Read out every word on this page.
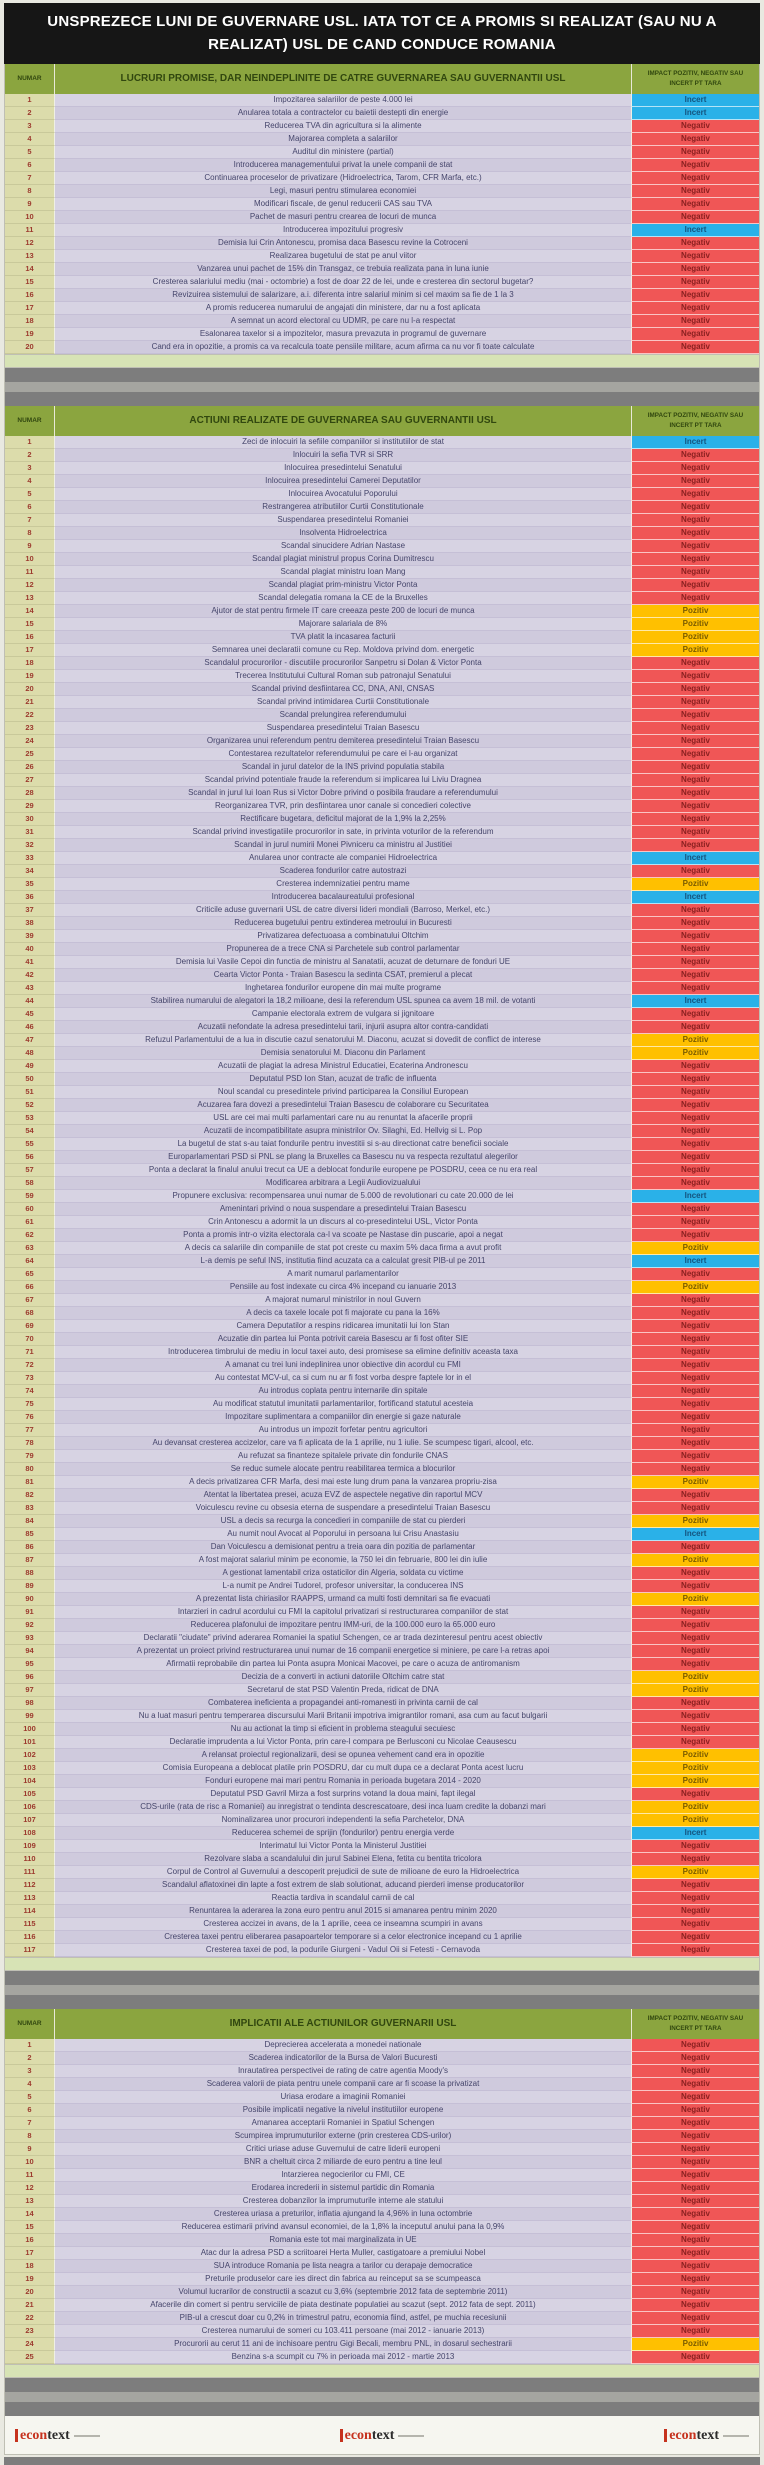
UNSPREZECE LUNI DE GUVERNARE USL. IATA TOT CE A PROMIS SI REALIZAT (SAU NU A REALIZAT) USL DE CAND CONDUCE ROMANIA
NUMAR	LUCRURI PROMISE, DAR NEINDEPLINITE DE CATRE GUVERNAREA SAU GUVERNANTII USL	IMPACT POZITIV, NEGATIV SAU INCERT PT TARA
1	Impozitarea salariilor de peste 4.000 lei	Incert
2	Anularea totala a contractelor cu baietii destepti din energie	Incert
3	Reducerea TVA din agricultura si la alimente	Negativ
4	Majorarea completa a salariilor	Negativ
5	Auditul din ministere (partial)	Negativ
6	Introducerea managementului privat la unele companii de stat	Negativ
7	Continuarea proceselor de privatizare (Hidroelectrica, Tarom, CFR Marfa, etc.)	Negativ
8	Legi, masuri pentru stimularea economiei	Negativ
9	Modificari fiscale, de genul reducerii CAS sau TVA	Negativ
10	Pachet de masuri pentru crearea de locuri de munca	Negativ
11	Introducerea impozitului progresiv	Incert
12	Demisia lui Crin Antonescu, promisa daca Basescu revine la Cotroceni	Negativ
13	Realizarea bugetului de stat pe anul viitor	Negativ
14	Vanzarea unui pachet de 15% din Transgaz, ce trebuia realizata pana in luna iunie	Negativ
15	Cresterea salariului mediu (mai - octombrie) a fost de doar 22 de lei, unde e cresterea din sectorul bugetar?	Negativ
16	Revizuirea sistemului de salarizare, a.i. diferenta intre salariul minim si cel maxim sa fie de 1 la 3	Negativ
17	A promis reducerea numarului de angajati din ministere, dar nu a fost aplicata	Negativ
18	A semnat un acord electoral cu UDMR, pe care nu l-a respectat	Negativ
19	Esalonarea taxelor si a impozitelor, masura prevazuta in programul de guvernare	Negativ
20	Cand era in opozitie, a promis ca va recalcula toate pensiile militare, acum afirma ca nu vor fi toate calculate	Negativ
NUMAR	ACTIUNI REALIZATE DE GUVERNAREA SAU GUVERNANTII USL	IMPACT POZITIV, NEGATIV SAU INCERT PT TARA
1	Zeci de inlocuiri la sefiile companiilor si institutiilor de stat	Incert
2	Inlocuiri la sefia TVR si SRR	Negativ
3	Inlocuirea presedintelui Senatului	Negativ
4	Inlocuirea presedintelui Camerei Deputatilor	Negativ
5	Inlocuirea Avocatului Poporului	Negativ
6	Restrangerea atributiilor Curtii Constitutionale	Negativ
7	Suspendarea presedintelui Romaniei	Negativ
8	Insolventa Hidroelectrica	Negativ
9	Scandal sinucidere Adrian Nastase	Negativ
10	Scandal plagiat ministrul propus Corina Dumitrescu	Negativ
11	Scandal plagiat ministru Ioan Mang	Negativ
12	Scandal plagiat prim-ministru Victor Ponta	Negativ
13	Scandal delegatia romana la CE de la Bruxelles	Negativ
14	Ajutor de stat pentru firmele IT care creeaza peste 200 de locuri de munca	Pozitiv
15	Majorare salariala de 8%	Pozitiv
16	TVA platit la incasarea facturii	Pozitiv
17	Semnarea unei declaratii comune cu Rep. Moldova privind dom. energetic	Pozitiv
18	Scandalul procurorilor - discutiile procurorilor Sanpetru si Dolan & Victor Ponta	Negativ
19	Trecerea Institutului Cultural Roman sub patronajul Senatului	Negativ
20	Scandal privind desfiintarea CC, DNA, ANI, CNSAS	Negativ
21	Scandal privind intimidarea Curtii Constitutionale	Negativ
22	Scandal prelungirea referendumului	Negativ
23	Suspendarea presedintelui Traian Basescu	Negativ
24	Organizarea unui referendum pentru demiterea presedintelui Traian Basescu	Negativ
25	Contestarea rezultatelor referendumului pe care ei l-au organizat	Negativ
26	Scandal in jurul datelor de la INS privind populatia stabila	Negativ
27	Scandal privind potentiale fraude la referendum si implicarea lui Liviu Dragnea	Negativ
28	Scandal in jurul lui Ioan Rus si Victor Dobre privind o posibila fraudare a referendumului	Negativ
29	Reorganizarea TVR, prin desfiintarea unor canale si concedieri colective	Negativ
30	Rectificare bugetara, deficitul majorat de la 1,9% la 2,25%	Negativ
31	Scandal privind investigatiile procurorilor in sate, in privinta voturilor de la referendum	Negativ
32	Scandal in jurul numirii Monei Pivniceru ca ministru al Justitiei	Negativ
33	Anularea unor contracte ale companiei Hidroelectrica	Incert
34	Scaderea fondurilor catre autostrazi	Negativ
35	Cresterea indemnizatiei pentru mame	Pozitiv
36	Introducerea bacalaureatului profesional	Incert
37	Criticile aduse guvernarii USL de catre diversi lideri mondiali (Barroso, Merkel, etc.)	Negativ
38	Reducerea bugetului pentru extinderea metroului in Bucuresti	Negativ
39	Privatizarea defectuoasa a combinatului Oltchim	Negativ
40	Propunerea de a trece CNA si Parchetele sub control parlamentar	Negativ
41	Demisia lui Vasile Cepoi din functia de ministru al Sanatatii, acuzat de deturnare de fonduri UE	Negativ
42	Cearta Victor Ponta - Traian Basescu la sedinta CSAT, premierul a plecat	Negativ
43	Inghetarea fondurilor europene din mai multe programe	Negativ
44	Stabilirea numarului de alegatori la 18,2 milioane, desi la referendum USL spunea ca avem 18 mil. de votanti	Incert
45	Campanie electorala extrem de vulgara si jignitoare	Negativ
46	Acuzatii nefondate la adresa presedintelui tarii, injurii asupra altor contra-candidati	Negativ
47	Refuzul Parlamentului de a lua in discutie cazul senatorului M. Diaconu, acuzat si dovedit de conflict de interese	Pozitiv
48	Demisia senatorului M. Diaconu din Parlament	Pozitiv
49	Acuzatii de plagiat la adresa Ministrul Educatiei, Ecaterina Andronescu	Negativ
50	Deputatul PSD Ion Stan, acuzat de trafic de influenta	Negativ
51	Noul scandal cu presedintele privind participarea la Consiliul European	Negativ
52	Acuzarea fara dovezi a presedintelui Traian Basescu de colaborare cu Securitatea	Negativ
53	USL are cei mai multi parlamentari care nu au renuntat la afacerile proprii	Negativ
54	Acuzatii de incompatibilitate asupra ministrilor Ov. Silaghi, Ed. Hellvig si L. Pop	Negativ
55	La bugetul de stat s-au taiat fondurile pentru investitii si s-au directionat catre beneficii sociale	Negativ
56	Europarlamentari PSD si PNL se plang la Bruxelles ca Basescu nu va respecta rezultatul alegerilor	Negativ
57	Ponta a declarat la finalul anului trecut ca UE a deblocat fondurile europene pe POSDRU, ceea ce nu era real	Negativ
58	Modificarea arbitrara a Legii Audiovizualului	Negativ
59	Propunere exclusiva: recompensarea unui numar de 5.000 de revolutionari cu cate 20.000 de lei	Incert
60	Amenintari privind o noua suspendare a presedintelui Traian Basescu	Negativ
61	Crin Antonescu a adormit la un discurs al co-presedintelui USL, Victor Ponta	Negativ
62	Ponta a promis intr-o vizita electorala ca-l va scoate pe Nastase din puscarie, apoi a negat	Negativ
63	A decis ca salariile din companiile de stat pot creste cu maxim 5% daca firma a avut profit	Pozitiv
64	L-a demis pe seful INS, institutia fiind acuzata ca a calculat gresit PIB-ul pe 2011	Incert
65	A marit numarul parlamentarilor	Negativ
66	Pensiile au fost indexate cu circa 4% incepand cu ianuarie 2013	Pozitiv
67	A majorat numarul ministrilor in noul Guvern	Negativ
68	A decis ca taxele locale pot fi majorate cu pana la 16%	Negativ
69	Camera Deputatilor a respins ridicarea imunitatii lui Ion Stan	Negativ
70	Acuzatie din partea lui Ponta potrivit careia Basescu ar fi fost ofiter SIE	Negativ
71	Introducerea timbrului de mediu in locul taxei auto, desi promisese sa elimine definitiv aceasta taxa	Negativ
72	A amanat cu trei luni indeplinirea unor obiective din acordul cu FMI	Negativ
73	Au contestat MCV-ul, ca si cum nu ar fi fost vorba despre faptele lor in el	Negativ
74	Au introdus coplata pentru internarile din spitale	Negativ
75	Au modificat statutul imunitatii parlamentarilor, fortificand statutul acesteia	Negativ
76	Impozitare suplimentara a companiilor din energie si gaze naturale	Negativ
77	Au introdus un impozit forfetar pentru agricultori	Negativ
78	Au devansat cresterea accizelor, care va fi aplicata de la 1 aprilie, nu 1 iulie. Se scumpesc tigari, alcool, etc.	Negativ
79	Au refuzat sa finanteze spitalele private din fondurile CNAS	Negativ
80	Se reduc sumele alocate pentru reabilitarea termica a blocurilor	Negativ
81	A decis privatizarea CFR Marfa, desi mai este lung drum pana la vanzarea propriu-zisa	Pozitiv
82	Atentat la libertatea presei, acuza EVZ de aspectele negative din raportul MCV	Negativ
83	Voiculescu revine cu obsesia eterna de suspendare a presedintelui Traian Basescu	Negativ
84	USL a decis sa recurga la concedieri in companiile de stat cu pierderi	Pozitiv
85	Au numit noul Avocat al Poporului in persoana lui Crisu Anastasiu	Incert
86	Dan Voiculescu a demisionat pentru a treia oara din pozitia de parlamentar	Negativ
87	A fost majorat salariul minim pe economie, la 750 lei din februarie, 800 lei din iulie	Pozitiv
88	A gestionat lamentabil criza ostaticilor din Algeria, soldata cu victime	Negativ
89	L-a numit pe Andrei Tudorel, profesor universitar, la conducerea INS	Negativ
90	A prezentat lista chiriasilor RAAPPS, urmand ca multi fosti demnitari sa fie evacuati	Pozitiv
91	Intarzieri in cadrul acordului cu FMI la capitolul privatizari si restructurarea companiilor de stat	Negativ
92	Reducerea plafonului de impozitare pentru IMM-uri, de la 100.000 euro la 65.000 euro	Negativ
93	Declaratii "ciudate" privind aderarea Romaniei la spatiul Schengen, ce ar trada dezinteresul pentru acest obiectiv	Negativ
94	A prezentat un proiect privind restructurarea unui numar de 16 companii energetice si miniere, pe care l-a retras apoi	Negativ
95	Afirmatii reprobabile din partea lui Ponta asupra Monicai Macovei, pe care o acuza de antiromanism	Negativ
96	Decizia de a converti in actiuni datoriile Oltchim catre stat	Pozitiv
97	Secretarul de stat PSD Valentin Preda, ridicat de DNA	Pozitiv
98	Combaterea ineficienta a propagandei anti-romanesti in privinta carnii de cal	Negativ
99	Nu a luat masuri pentru temperarea discursului Marii Britanii impotriva imigrantilor romani, asa cum au facut bulgarii	Negativ
100	Nu au actionat la timp si eficient in problema steagului secuiesc	Negativ
101	Declaratie imprudenta a lui Victor Ponta, prin care-l compara pe Berlusconi cu Nicolae Ceausescu	Negativ
102	A relansat proiectul regionalizarii, desi se opunea vehement cand era in opozitie	Pozitiv
103	Comisia Europeana a deblocat platile prin POSDRU, dar cu mult dupa ce a declarat Ponta acest lucru	Pozitiv
104	Fonduri europene mai mari pentru Romania in perioada bugetara 2014 - 2020	Pozitiv
105	Deputatul PSD Gavril Mirza a fost surprins votand la doua maini, fapt ilegal	Negativ
106	CDS-urile (rata de risc a Romaniei) au inregistrat o tendinta descrescatoare, desi inca luam credite la dobanzi mari	Pozitiv
107	Nominalizarea unor procurori independenti la sefia Parchetelor, DNA	Pozitiv
108	Reducerea schemei de sprijin (fondurilor) pentru energia verde	Incert
109	Interimatul lui Victor Ponta la Ministerul Justitiei	Negativ
110	Rezolvare slaba a scandalului din jurul Sabinei Elena, fetita cu bentita tricolora	Negativ
111	Corpul de Control al Guvernului a descoperit prejudicii de sute de milioane de euro la Hidroelectrica	Pozitiv
112	Scandalul aflatoxinei din lapte a fost extrem de slab solutionat, aducand pierderi imense producatorilor	Negativ
113	Reactia tardiva in scandalul carnii de cal	Negativ
114	Renuntarea la aderarea la zona euro pentru anul 2015 si amanarea pentru minim 2020	Negativ
115	Cresterea accizei in avans, de la 1 aprilie, ceea ce inseamna scumpiri in avans	Negativ
116	Cresterea taxei pentru eliberarea pasapoartelor temporare si a celor electronice incepand cu 1 aprilie	Negativ
117	Cresterea taxei de pod, la podurile Giurgeni - Vadul Oii si Fetesti - Cernavoda	Negativ
NUMAR	IMPLICATII ALE ACTIUNILOR GUVERNARII USL	IMPACT POZITIV, NEGATIV SAU INCERT PT TARA
1	Deprecierea accelerata a monedei nationale	Negativ
2	Scaderea indicatorilor de la Bursa de Valori Bucuresti	Negativ
3	Inrautatirea perspectivei de rating de catre agentia Moody's	Negativ
4	Scaderea valorii de piata pentru unele companii care ar fi scoase la privatizat	Negativ
5	Uriasa erodare a imaginii Romaniei	Negativ
6	Posibile implicatii negative la nivelul institutiilor europene	Negativ
7	Amanarea acceptarii Romaniei in Spatiul Schengen	Negativ
8	Scumpirea imprumuturilor externe (prin cresterea CDS-urilor)	Negativ
9	Critici uriase aduse Guvernului de catre liderii europeni	Negativ
10	BNR a cheltuit circa 2 miliarde de euro pentru a tine leul	Negativ
11	Intarzierea negocierilor cu FMI, CE	Negativ
12	Erodarea increderii in sistemul partidic din Romania	Negativ
13	Cresterea dobanzilor la imprumuturile interne ale statului	Negativ
14	Cresterea uriasa a preturilor, inflatia ajungand la 4,96% in luna octombrie	Negativ
15	Reducerea estimarii privind avansul economiei, de la 1,8% la inceputul anului pana la 0,9%	Negativ
16	Romania este tot mai marginalizata in UE	Negativ
17	Atac dur la adresa PSD a scriitoarei Herta Muller, castigatoare a premiului Nobel	Negativ
18	SUA introduce Romania pe lista neagra a tarilor cu derapaje democratice	Negativ
19	Preturile produselor care ies direct din fabrica au reinceput sa se scumpeasca	Negativ
20	Volumul lucrarilor de constructii a scazut cu 3,6% (septembrie 2012 fata de septembrie 2011)	Negativ
21	Afacerile din comert si pentru serviciile de piata destinate populatiei au scazut (sept. 2012 fata de sept. 2011)	Negativ
22	PIB-ul a crescut doar cu 0,2% in trimestrul patru, economia fiind, astfel, pe muchia recesiunii	Negativ
23	Cresterea numarului de someri cu 103.411 persoane (mai 2012 - ianuarie 2013)	Negativ
24	Procurorii au cerut 11 ani de inchisoare pentru Gigi Becali, membru PNL, in dosarul sechestrarii	Pozitiv
25	Benzina s-a scumpit cu 7% in perioada mai 2012 - martie 2013	Negativ
econ text	econ text	econ text
